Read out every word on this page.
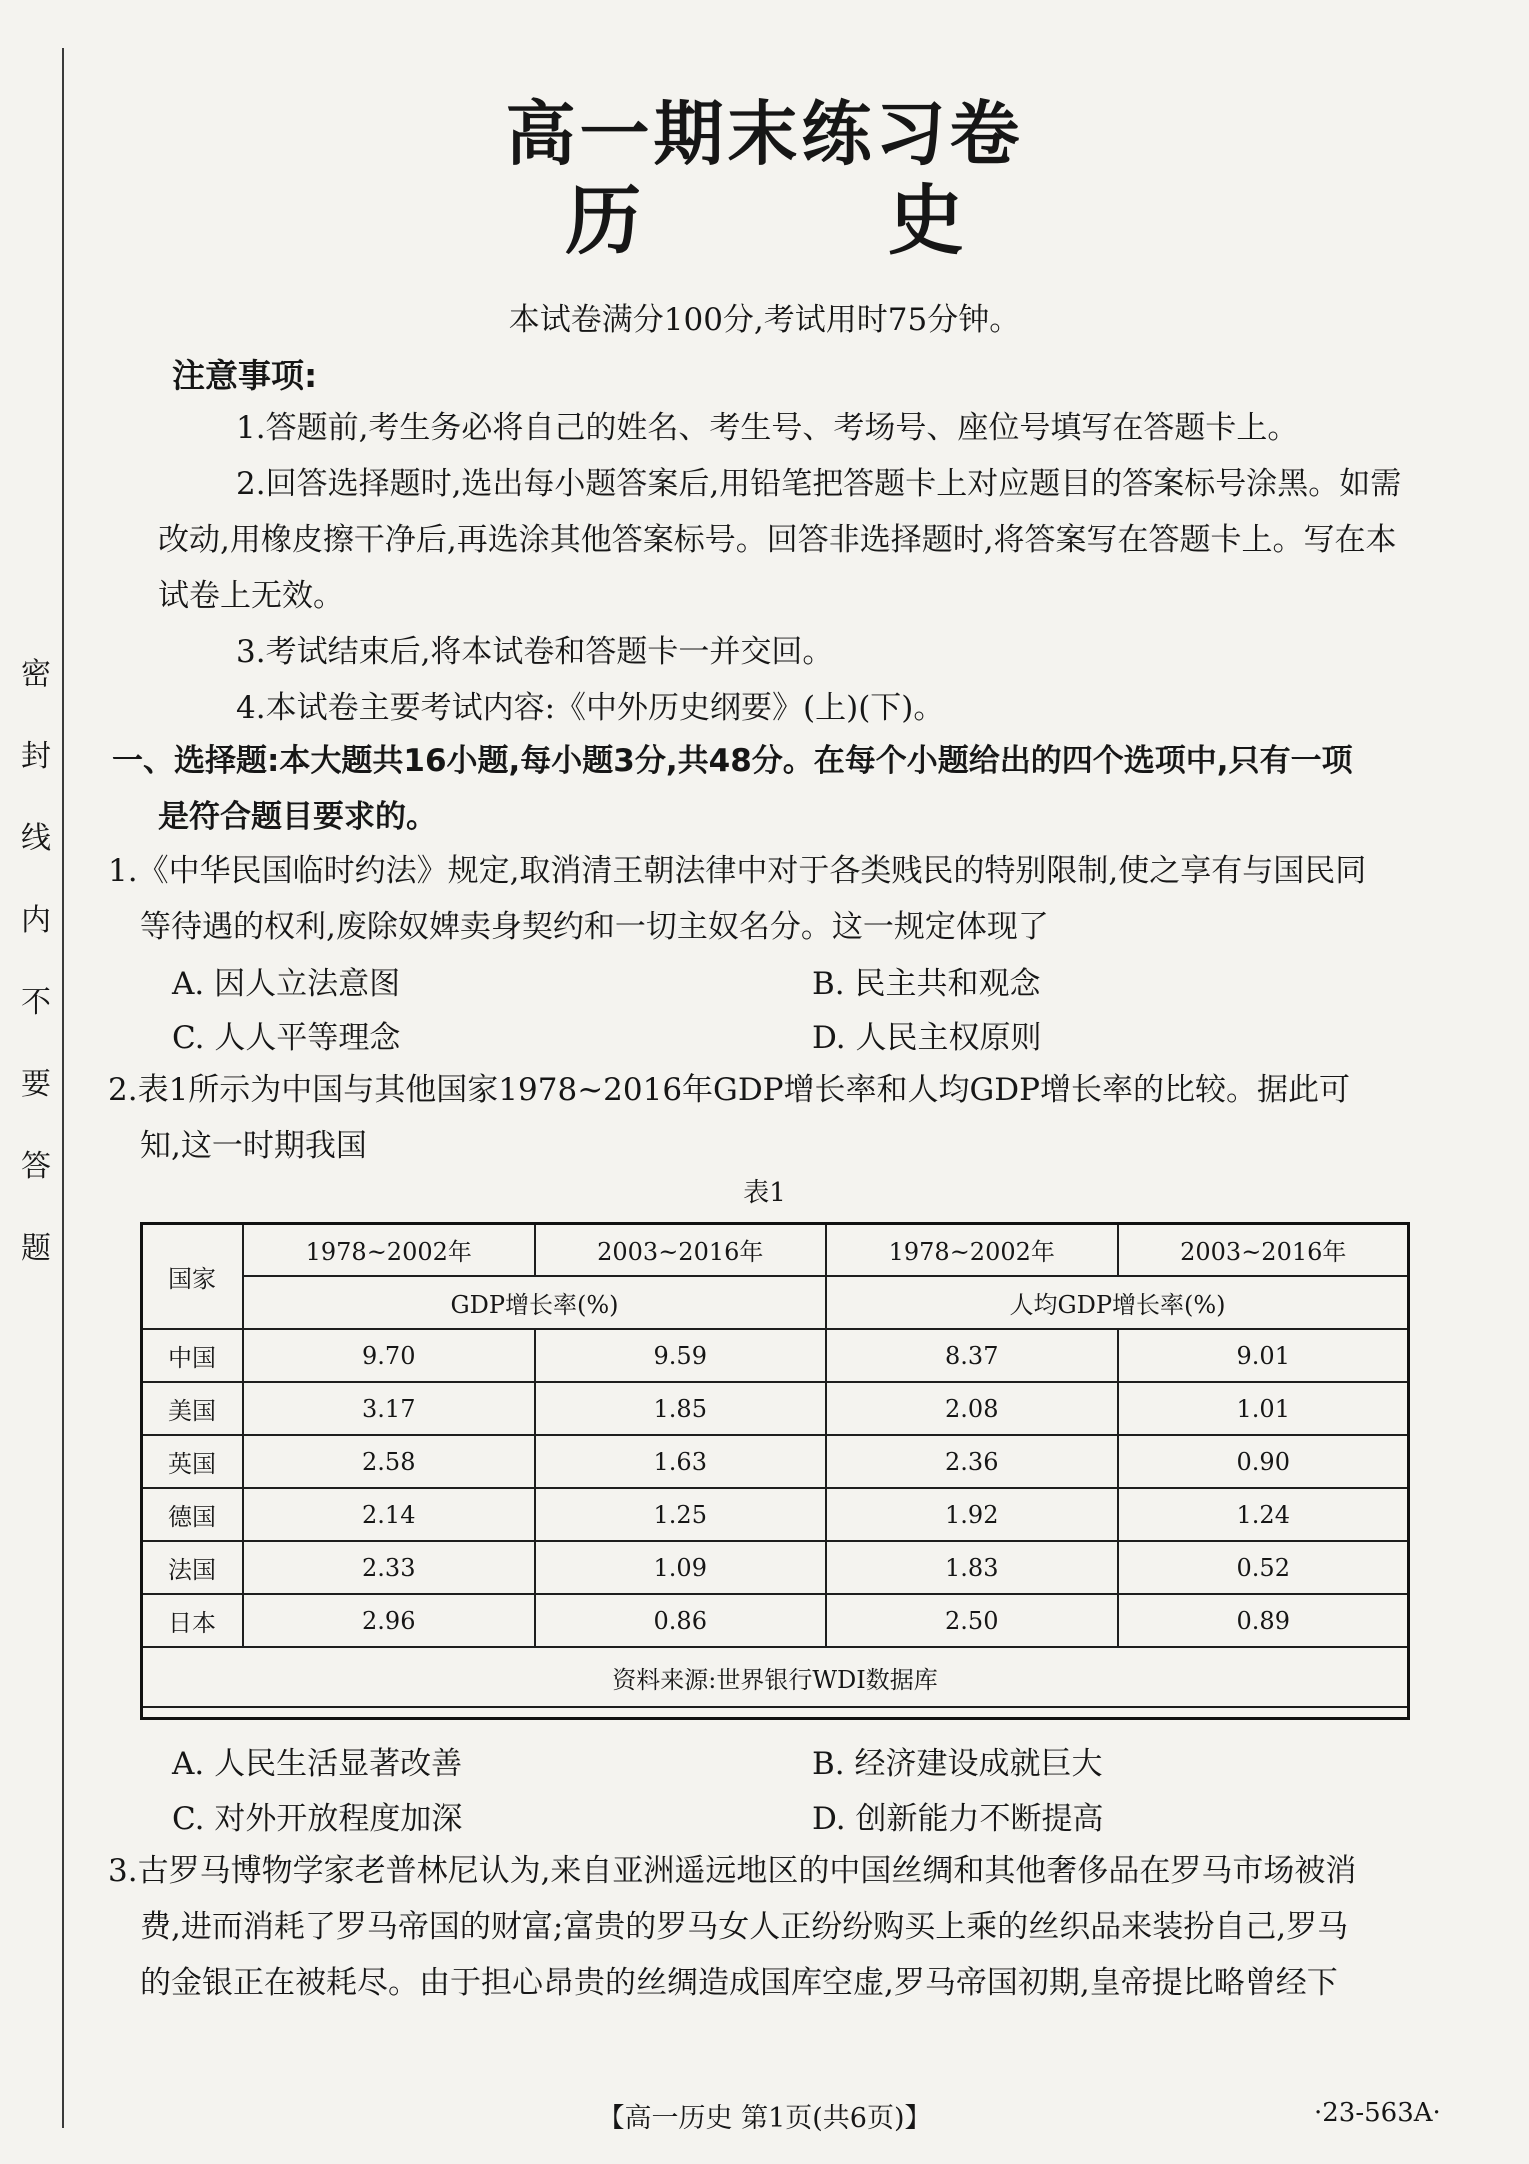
密
封
线
内
不
要
答
题
高一期末练习卷
历 史
本试卷满分100分,考试用时75分钟。
注意事项:
1.答题前,考生务必将自己的姓名、考生号、考场号、座位号填写在答题卡上。
2.回答选择题时,选出每小题答案后,用铅笔把答题卡上对应题目的答案标号涂黑。如需改动,用橡皮擦干净后,再选涂其他答案标号。回答非选择题时,将答案写在答题卡上。写在本试卷上无效。
3.考试结束后,将本试卷和答题卡一并交回。
4.本试卷主要考试内容:《中外历史纲要》(上)(下)。
一、选择题:本大题共16小题,每小题3分,共48分。在每个小题给出的四个选项中,只有一项
是符合题目要求的。
1.《中华民国临时约法》规定,取消清王朝法律中对于各类贱民的特别限制,使之享有与国民同
等待遇的权利,废除奴婢卖身契约和一切主奴名分。这一规定体现了
A. 因人立法意图	B. 民主共和观念
C. 人人平等理念	D. 人民主权原则
2.表1所示为中国与其他国家1978~2016年GDP增长率和人均GDP增长率的比较。据此可
知,这一时期我国
表1
国家	1978~2002年	2003~2016年	1978~2002年	2003~2016年
	GDP增长率(%)		人均GDP增长率(%)	
中国	9.70	9.59	8.37	9.01
美国	3.17	1.85	2.08	1.01
英国	2.58	1.63	2.36	0.90
德国	2.14	1.25	1.92	1.24
法国	2.33	1.09	1.83	0.52
日本	2.96	0.86	2.50	0.89
资料来源:世界银行WDI数据库				
A. 人民生活显著改善	B. 经济建设成就巨大
C. 对外开放程度加深	D. 创新能力不断提高
3.古罗马博物学家老普林尼认为,来自亚洲遥远地区的中国丝绸和其他奢侈品在罗马市场被消
费,进而消耗了罗马帝国的财富;富贵的罗马女人正纷纷购买上乘的丝织品来装扮自己,罗马
的金银正在被耗尽。由于担心昂贵的丝绸造成国库空虚,罗马帝国初期,皇帝提比略曾经下
【高一历史 第1页(共6页)】	·23-563A·
